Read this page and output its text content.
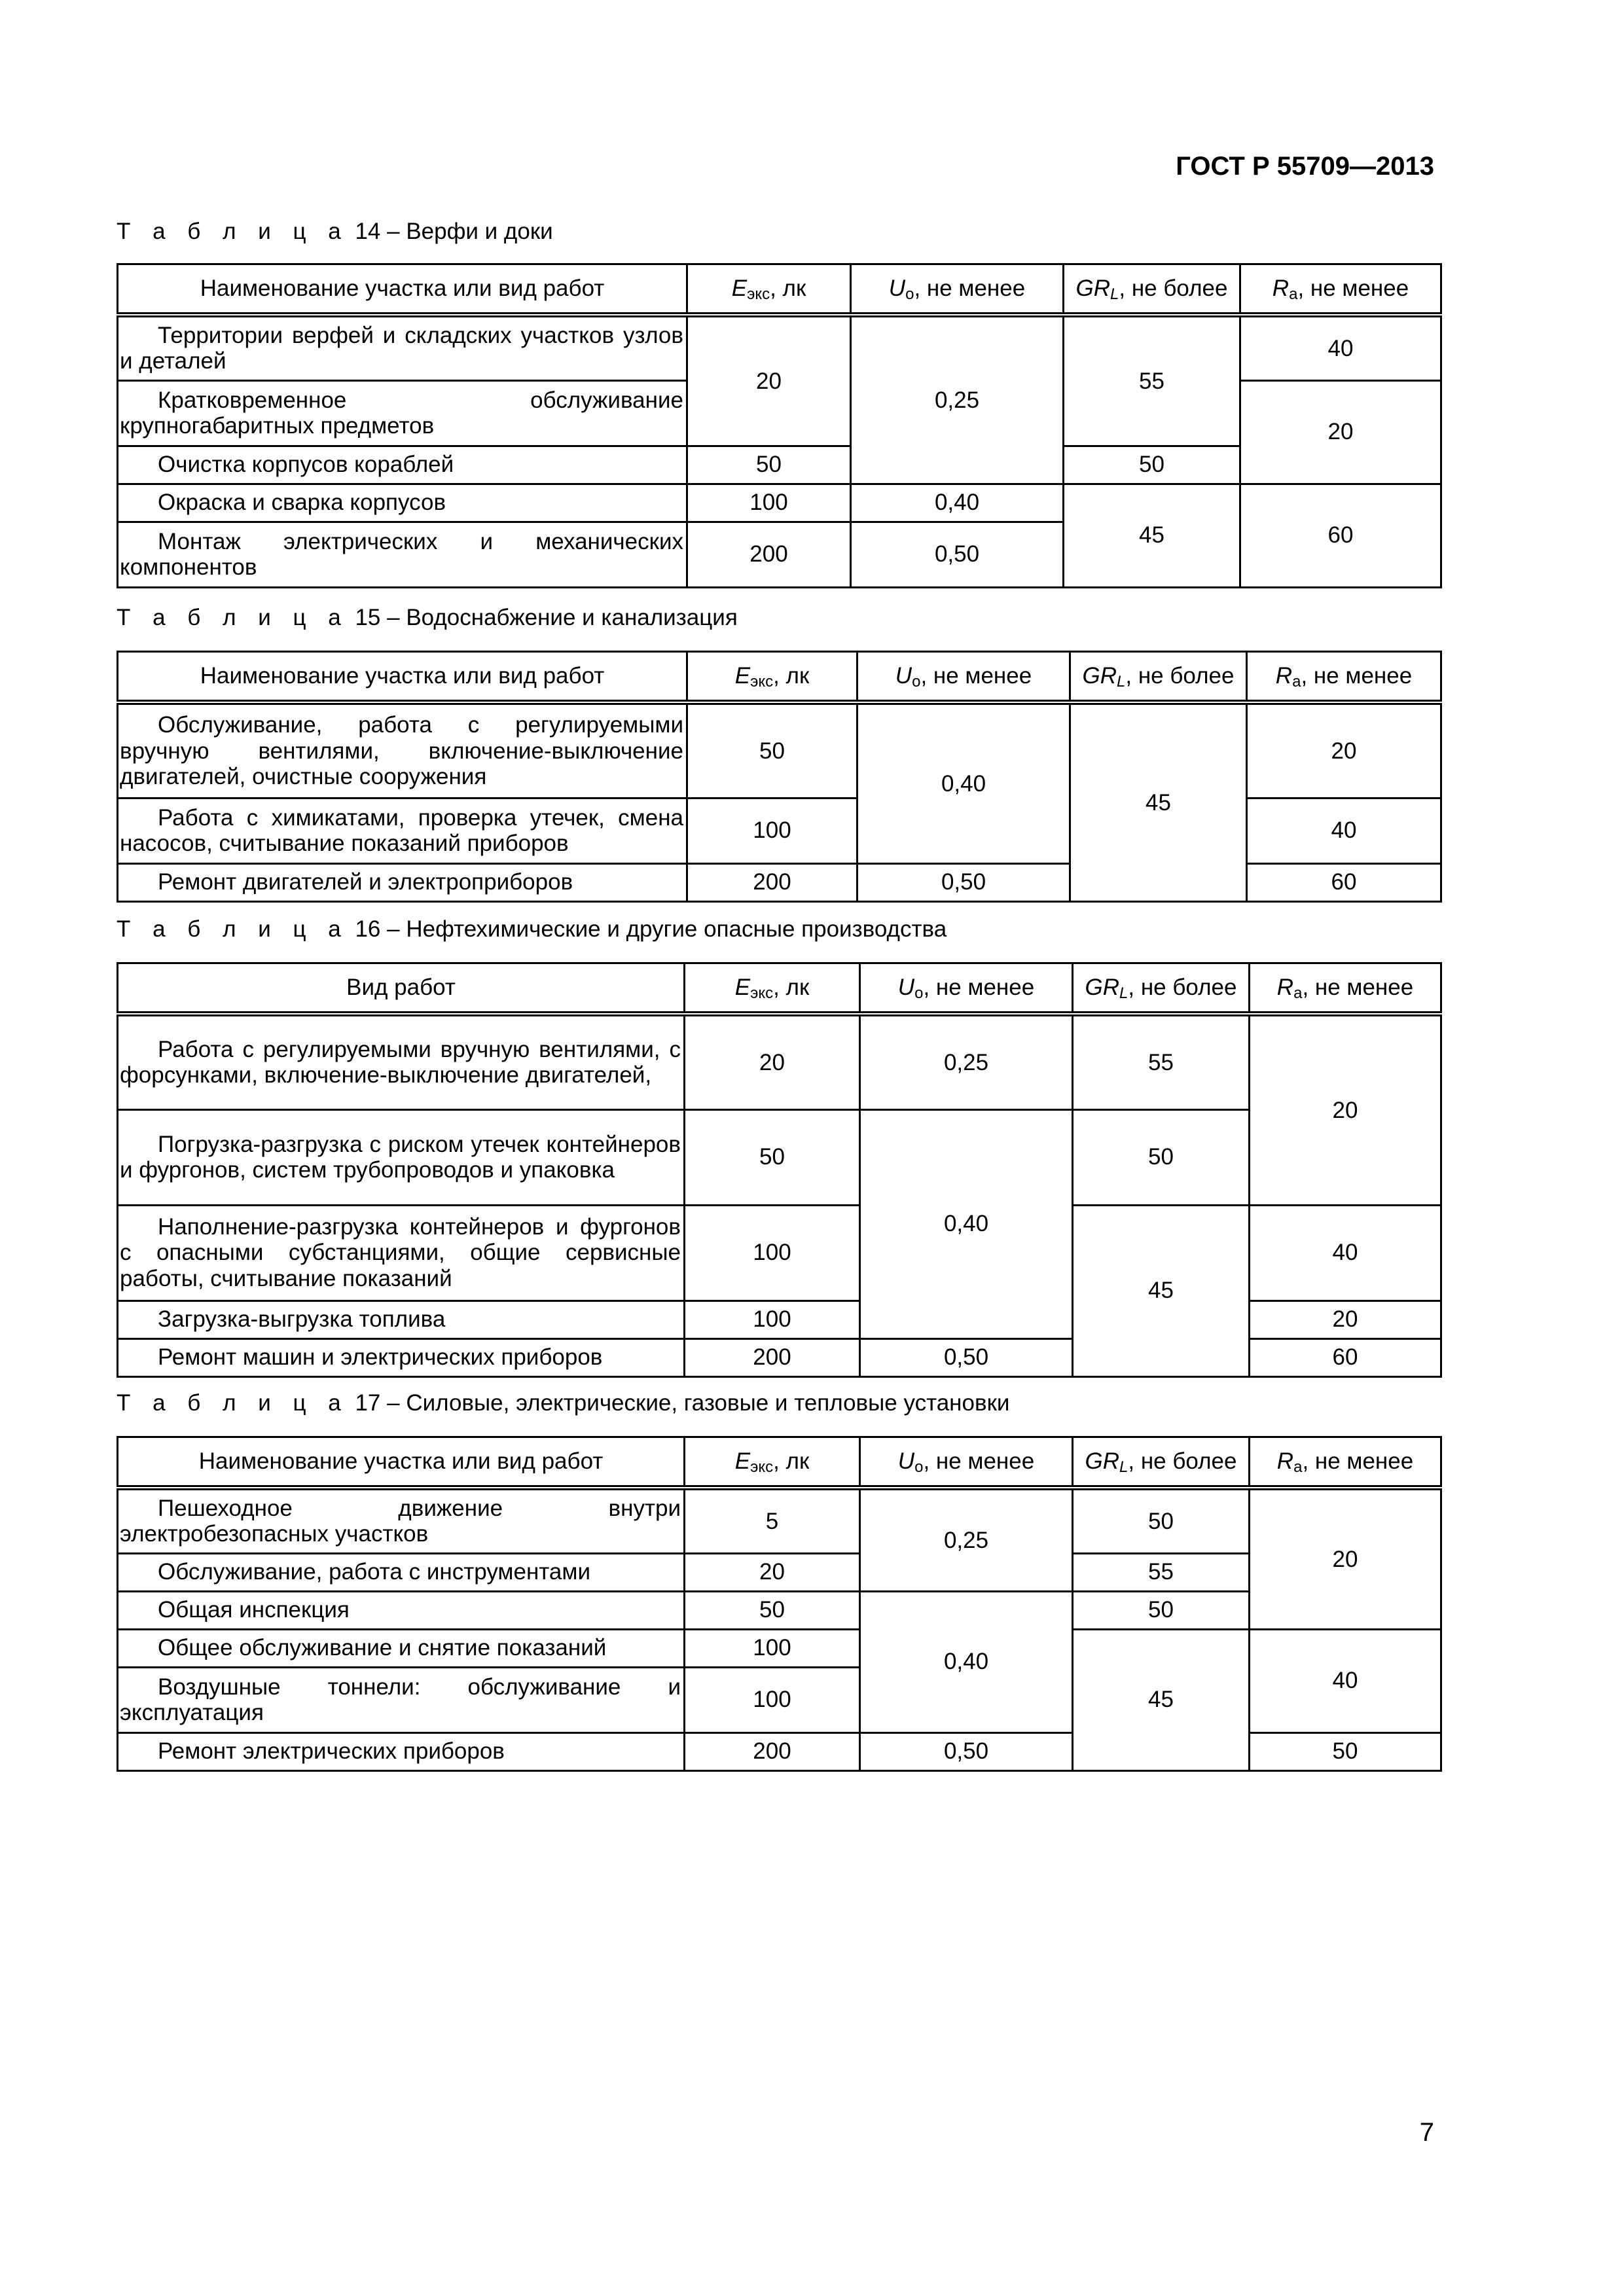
ГОСТ Р 55709—2013
Т а б л и ц а 14 – Верфи и доки
Наименование участка или вид работ	$E_{экс}$, лк	$U_o$, не менее	$GR_L$, не более	$R_a$, не менее

Территории верфей и складских участков узлов и деталей	20	0,25	55	40

Кратковременное обслуживание крупногабаритных предметов				20

Очистка корпусов кораблей	50		50	

Окраска и сварка корпусов	100	0,40	45	60

Монтаж электрических и механических компонентов	200	0,50		
Т а б л и ц а 15 – Водоснабжение и канализация
Наименование участка или вид работ	$E_{экс}$, лк	$U_o$, не менее	$GR_L$, не более	$R_a$, не менее

Обслуживание, работа с регулируемыми вручную вентилями, включение-выключение двигателей, очистные сооружения	50	0,40	45	20

Работа с химикатами, проверка утечек, смена насосов, считывание показаний приборов	100			40

Ремонт двигателей и электроприборов	200	0,50		60
Т а б л и ц а 16 – Нефтехимические и другие опасные производства
Вид работ	$E_{экс}$, лк	$U_o$, не менее	$GR_L$, не более	$R_a$, не менее

Работа с регулируемыми вручную вентилями, с форсунками, включение-выключение двигателей,	20	0,25	55	20

Погрузка-разгрузка с риском утечек контейнеров и фургонов, систем трубопроводов и упаковка	50	0,40	50	

Наполнение-разгрузка контейнеров и фургонов с опасными субстанциями, общие сервисные работы, считывание показаний	100		45	40

Загрузка-выгрузка топлива	100			20

Ремонт машин и электрических приборов	200	0,50		60
Т а б л и ц а 17 – Силовые, электрические, газовые и тепловые установки
Наименование участка или вид работ	$E_{экс}$, лк	$U_o$, не менее	$GR_L$, не более	$R_a$, не менее

Пешеходное движение внутри электробезопасных участков	5	0,25	50	20

Обслуживание, работа с инструментами	20		55	

Общая инспекция	50	0,40	50	

Общее обслуживание и снятие показаний	100		45	40

Воздушные тоннели: обслуживание и эксплуатация	100			

Ремонт электрических приборов	200	0,50		50
7
